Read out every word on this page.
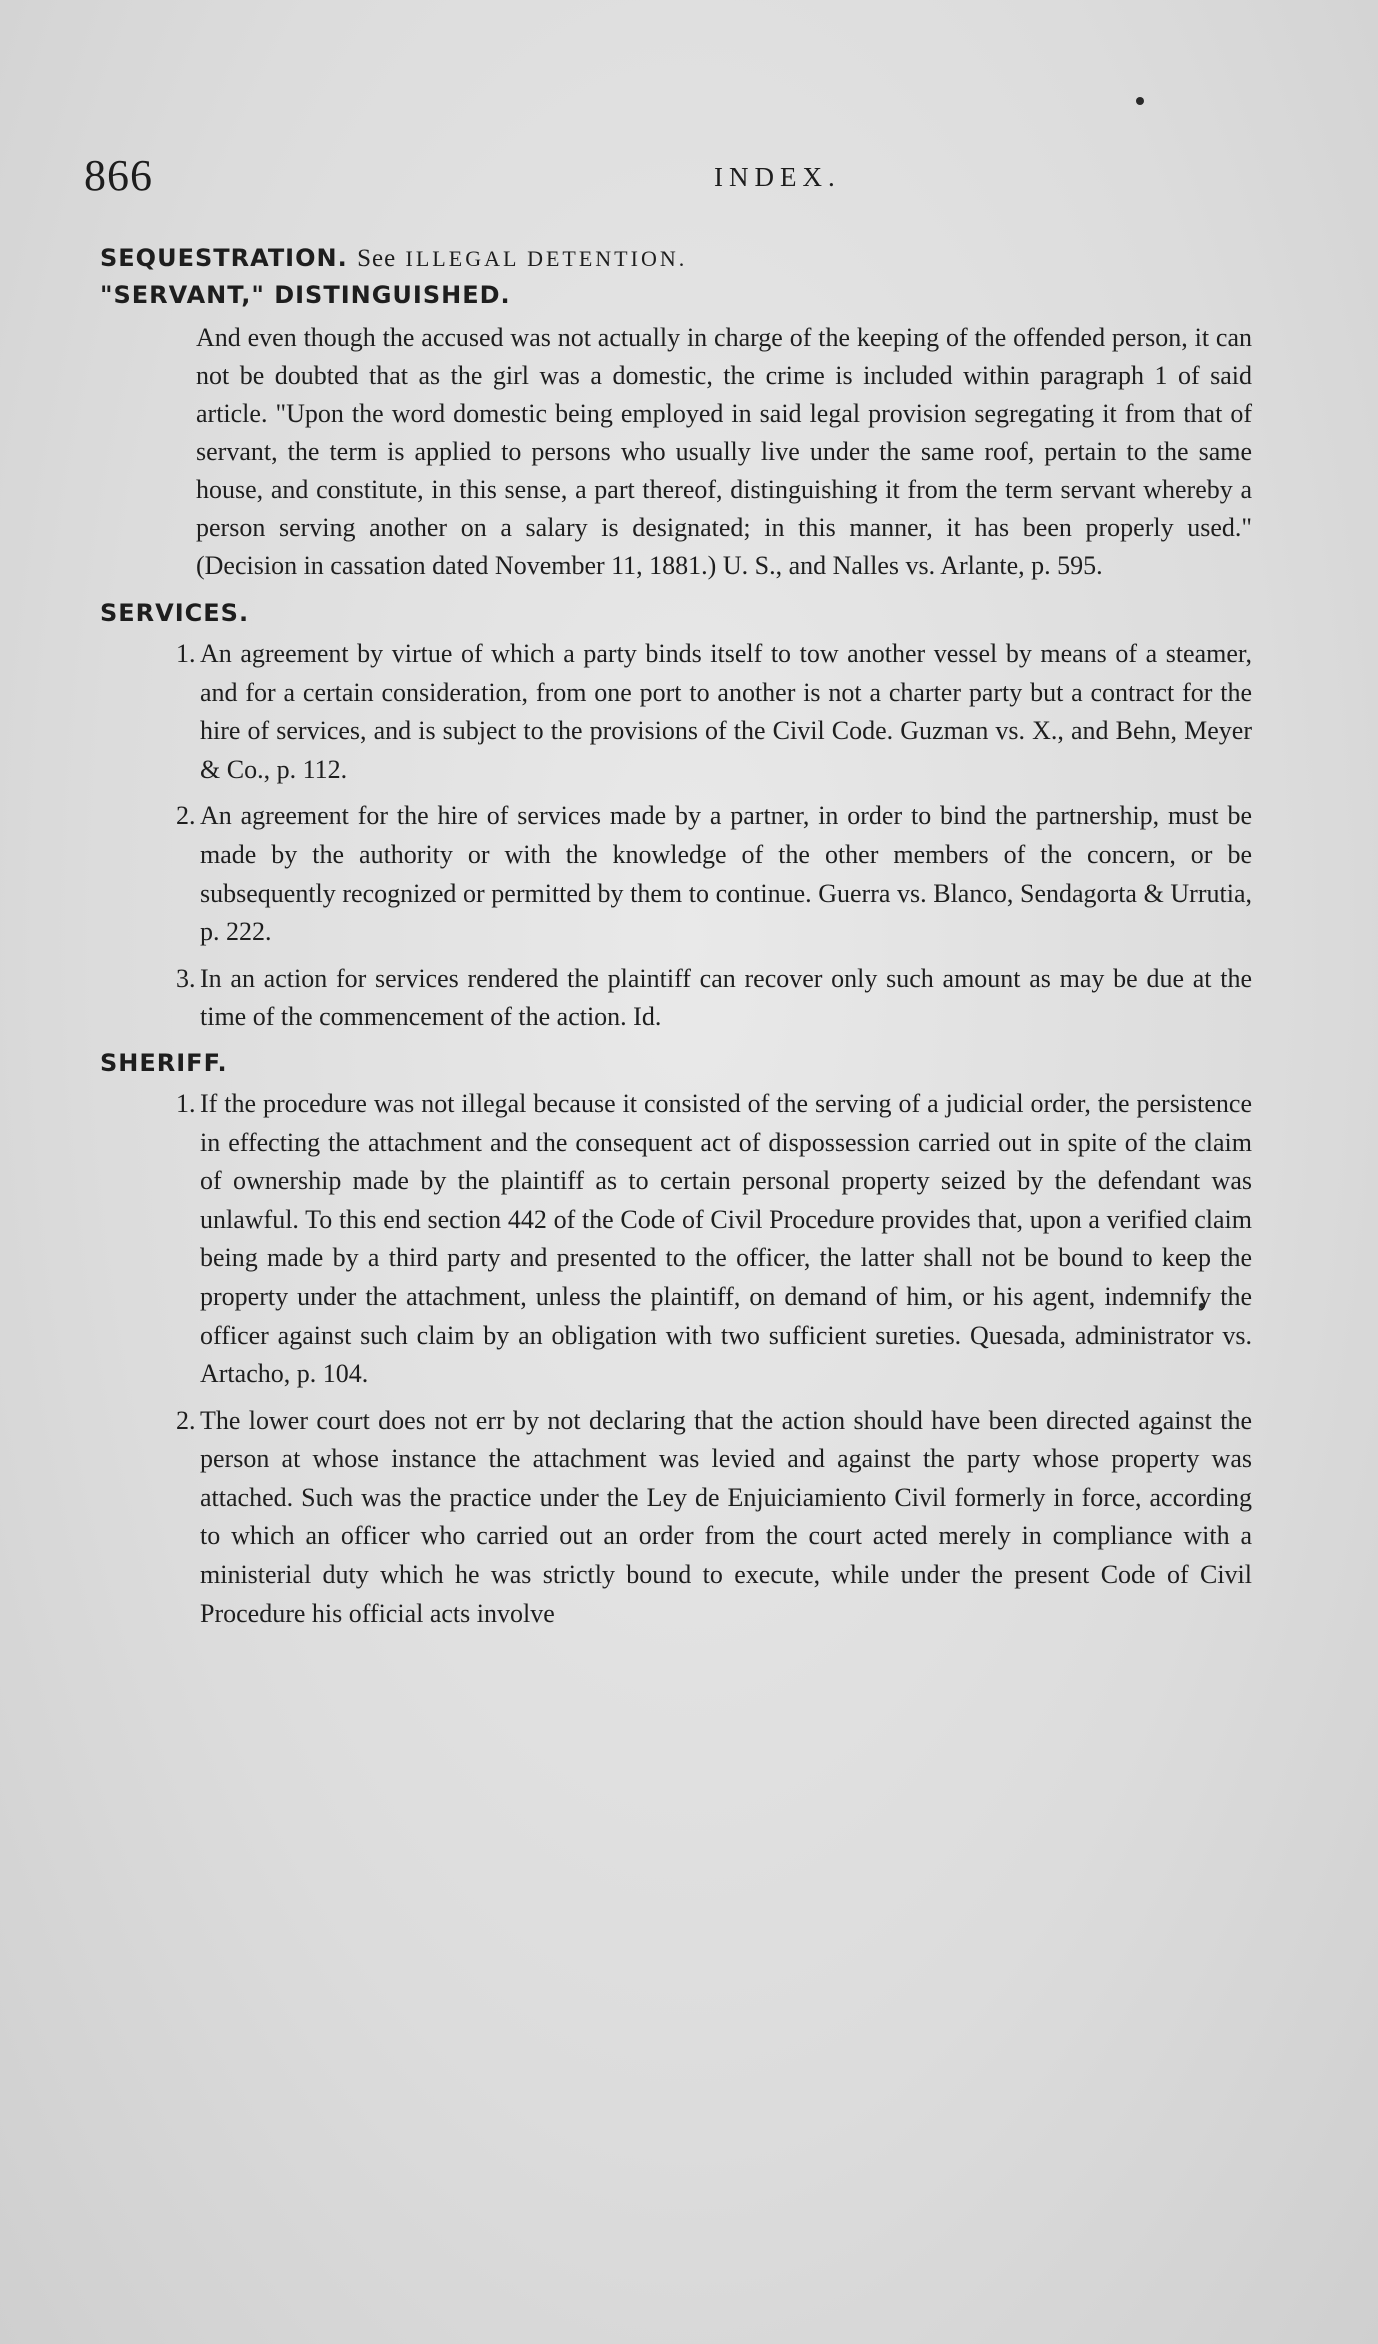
866	INDEX.

SEQUESTRATION. See ILLEGAL DETENTION.

"SERVANT," DISTINGUISHED.

And even though the accused was not actually in charge of the keeping of the offended person, it can not be doubted that as the girl was a domestic, the crime is included within paragraph 1 of said article. "Upon the word domestic being employed in said legal provision segregating it from that of servant, the term is applied to persons who usually live under the same roof, pertain to the same house, and constitute, in this sense, a part thereof, distinguishing it from the term servant whereby a person serving another on a salary is designated; in this manner, it has been properly used." (Decision in cassation dated November 11, 1881.) U. S., and Nalles vs. Arlante, p. 595.

SERVICES.

1. An agreement by virtue of which a party binds itself to tow another vessel by means of a steamer, and for a certain consideration, from one port to another is not a charter party but a contract for the hire of services, and is subject to the provisions of the Civil Code. Guzman vs. X., and Behn, Meyer & Co., p. 112.
2. An agreement for the hire of services made by a partner, in order to bind the partnership, must be made by the authority or with the knowledge of the other members of the concern, or be subsequently recognized or permitted by them to continue. Guerra vs. Blanco, Sendagorta & Urrutia, p. 222.
3. In an action for services rendered the plaintiff can recover only such amount as may be due at the time of the commencement of the action. Id.

SHERIFF.

1. If the procedure was not illegal because it consisted of the serving of a judicial order, the persistence in effecting the attachment and the consequent act of dispossession carried out in spite of the claim of ownership made by the plaintiff as to certain personal property seized by the defendant was unlawful. To this end section 442 of the Code of Civil Procedure provides that, upon a verified claim being made by a third party and presented to the officer, the latter shall not be bound to keep the property under the attachment, unless the plaintiff, on demand of him, or his agent, indemnify the officer against such claim by an obligation with two sufficient sureties. Quesada, administrator vs. Artacho, p. 104.
2. The lower court does not err by not declaring that the action should have been directed against the person at whose instance the attachment was levied and against the party whose property was attached. Such was the practice under the Ley de Enjuiciamiento Civil formerly in force, according to which an officer who carried out an order from the court acted merely in compliance with a ministerial duty which he was strictly bound to execute, while under the present Code of Civil Procedure his official acts involve
